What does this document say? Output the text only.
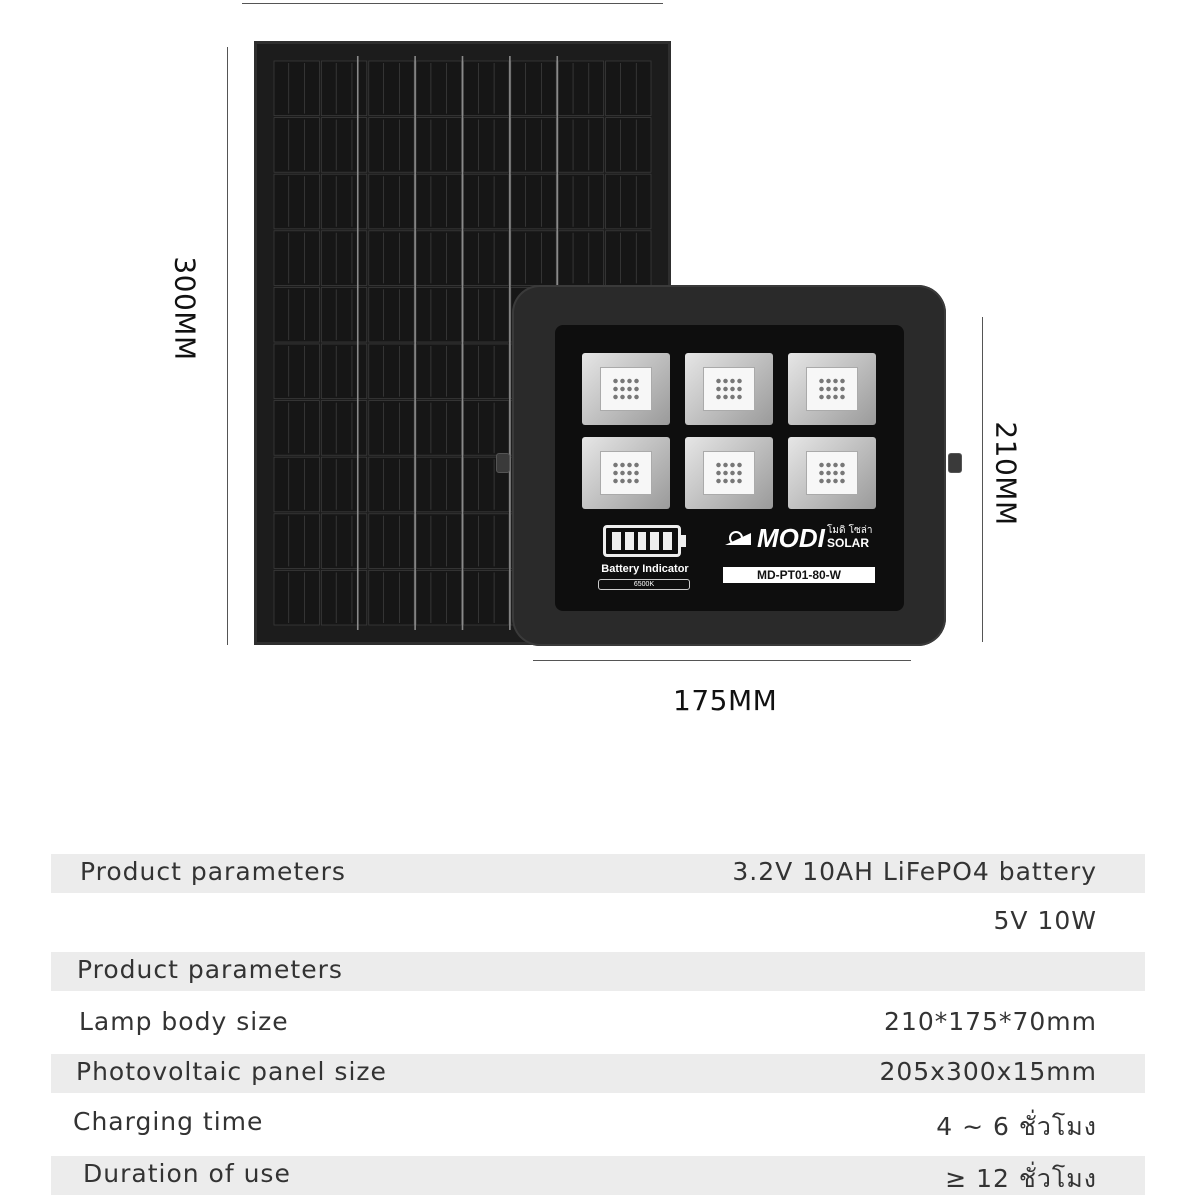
300MM
Battery Indicator
6500K
MODI โมดิ โซล่า
SOLAR
MD-PT01-80-W
210MM
175MM
Product parameters	3.2V 10AH LiFePO4 battery
5V 10W
Product parameters
Lamp body size	210*175*70mm
Photovoltaic panel size	205x300x15mm
Charging time	4 ~ 6 ชั่วโมง
Duration of use	≥ 12 ชั่วโมง
